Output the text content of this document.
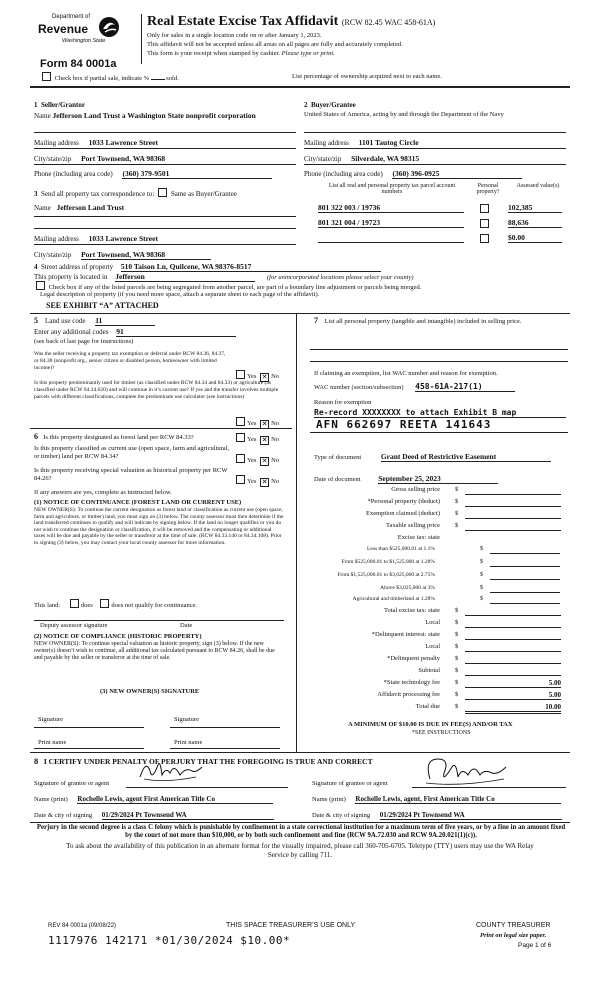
Department of
Revenue
Washington State
Form 84 0001a
Real Estate Excise Tax Affidavit (RCW 82.45 WAC 458-61A)
Only for sales in a single location code on or after January 1, 2023.
This affidavit will not be accepted unless all areas on all pages are fully and accurately completed.
This form is your receipt when stamped by cashier. Please type or print.
Check box if partial sale, indicate %	sold.	List percentage of ownership acquired next to each name.
1 Seller/Grantor
Name Jefferson Land Trust a Washington State nonprofit corporation
Mailing address 1033 Lawrence Street
City/state/zip Port Townsend, WA 98368
Phone (including area code) (360) 379-9501
2 Buyer/Grantee
United States of America, acting by and through the Department of the Navy
Mailing address 1101 Tautog Circle
City/state/zip Silverdale, WA 98315
Phone (including area code) (360) 396-0925
3 Send all property tax correspondence to: Same as Buyer/Grantee
Name Jefferson Land Trust
Mailing address 1033 Lawrence Street
City/state/zip Port Townsend, WA 98368
List all real and personal property tax parcel account numbers
Personal property?
Assessed value(s)
801 322 003 / 19736	102,385
801 321 004 / 19723	88,636
$0.00
4 Street address of property 510 Taison Ln, Quilcene, WA 98376-8517
This property is located in Jefferson	(for unincorporated locations please select your county)
Check box if any of the listed parcels are being segregated from another parcel, are part of a boundary line adjustment or parcels being merged.
Legal description of property (if you need more space, attach a separate sheet to each page of the affidavit).
SEE EXHIBIT “A” ATTACHED
5 Land use code 11
Enter any additional codes 91
(see back of last page for instructions)
Was the seller receiving a property tax exemption or deferral under RCW 84.36, 84.37, or 84.38 (nonprofit org., senior citizen or disabled person, homeowner with limited income)?
Yes ✕ No
Is this property predominantly used for timber (as classified under RCW 84.34 and 84.33) or agriculture (as classified under RCW 84.34.020) and will continue in it’s current use? If yes and the transfer involves multiple parcels with different classifications, complete the predominate use calculator (see instructions)
Yes ✕ No
6 Is this property designated as forest land per RCW 84.33?	Yes ✕ No
Is this property classified as current use (open space, farm and agricultural, or timber) land per RCW 84.34?
Yes ✕ No
Is this property receiving special valuation as historical property per RCW 84.26?	Yes ✕ No
If any answers are yes, complete as instructed below.
(1) NOTICE OF CONTINUANCE (FOREST LAND OR CURRENT USE)
NEW OWNER(S): To continue the current designation as forest land or classification as current use (open space, farm and agriculture, or timber) land, you must sign on (3) below. The county assessor must then determine if the land transferred continues to qualify and will indicate by signing below. If the land no longer qualifies or you do not wish to continue the designation or classification, it will be removed and the compensating or additional taxes will be due and payable by the seller or transferor at the time of sale. (RCW 84.33.140 or 84.34.108). Prior to signing (3) below, you may contact your local county assessor for more information.
This land:	does	does not qualify for continuance.
Deputy assessor signature	Date
(2) NOTICE OF COMPLIANCE (HISTORIC PROPERTY)
NEW OWNER(S): To continue special valuation as historic property, sign (3) below. If the new owner(s) doesn’t wish to continue, all additional tax calculated pursuant to RCW 84.26, shall be due and payable by the seller or transferor at the time of sale.
(3) NEW OWNER(S) SIGNATURE
Signature	Signature
Print name	Print name
7 List all personal property (tangible and intangible) included in selling price.
If claiming an exemption, list WAC number and reason for exemption.
WAC number (section/subsection) 458-61A-217(1)
Reason for exemption
Re-record XXXXXXXX to attach Exhibit B map
AFN 662697 REETA 141643
Type of document	Grant Deed of Restrictive Easement
Date of document September 25, 2023
Gross selling price $
*Personal property (deduct) $
Exemption claimed (deduct) $
Taxable selling price $
Excise tax: state
Less than $525,000.01 at 1.1%	$
From $525,000.01 to $1,525,000 at 1.28%	$
From $1,525,000.01 to $3,025,000 at 2.75%	$
Above $3,025,000 at 3%	$
Agricultural and timberland at 1.28%	$
Total excise tax: state $
Local $
*Delinquent interest: state $
Local $
*Delinquent penalty $
Subtotal $
*State technology fee $	5.00
Affidavit processing fee $	5.00
Total due $	10.00
A MINIMUM OF $10.00 IS DUE IN FEE(S) AND/OR TAX
*SEE INSTRUCTIONS
8 I CERTIFY UNDER PENALTY OF PERJURY THAT THE FOREGOING IS TRUE AND CORRECT
Signature of grantor or agent	Signature of grantee or agent
Name (print) Rochelle Lewis, agent First American Title Co	Name (print) Rochelle Lewis, agent, First American Title Co
Date & city of signing 01/29/2024 Pt Townsend WA	Date & city of signing 01/29/2024 Pt Townsend WA
Perjury in the second degree is a class C felony which is punishable by confinement in a state correctional institution for a maximum term of five years, or by a fine in an amount fixed by the court of not more than $10,000, or by both such confinement and fine (RCW 9A.72.030 and RCW 9A.20.021(1)(c)).
To ask about the availability of this publication in an alternate format for the visually impaired, please call 360-705-6705. Teletype (TTY) users may use the WA Relay Service by calling 711.
REV 84 0001a (09/08/22)	THIS SPACE TREASURER’S USE ONLY	COUNTY TREASURER
Print on legal size paper.
Page 1 of 6
1117976 142171 *01/30/2024 $10.00*
